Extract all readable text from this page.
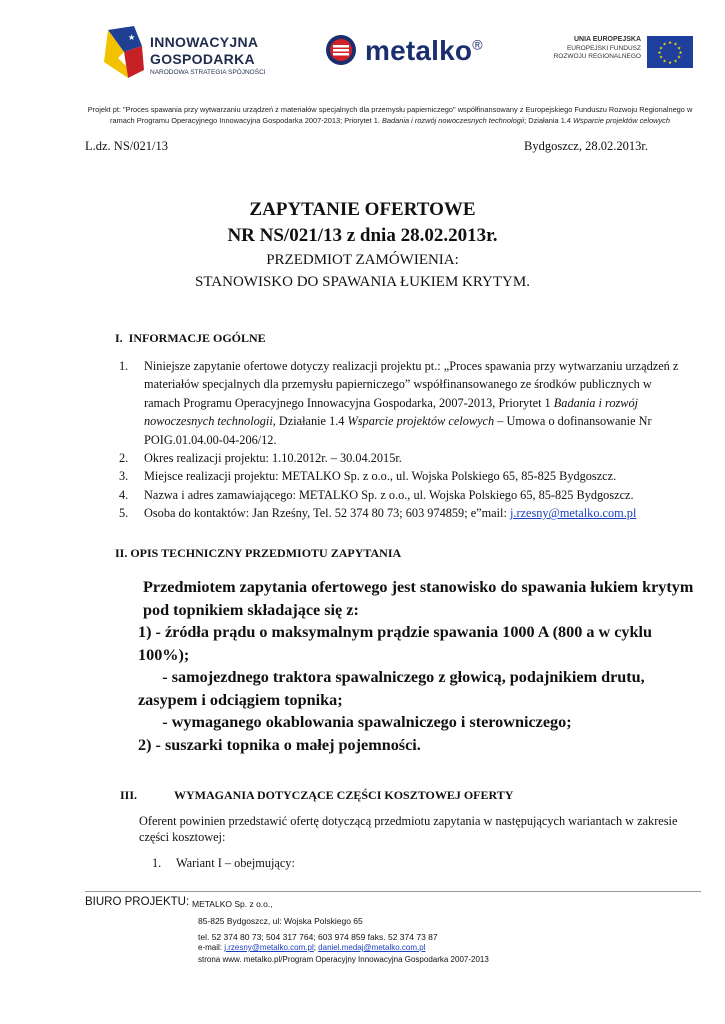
★ INNOWACYJNA
GOSPODARKA
NARODOWA STRATEGIA SPÓJNOŚCI
metalko®	UNIA EUROPEJSKA
EUROPEJSKI FUNDUSZ
ROZWOJU REGIONALNEGO
★ ★
★
★
★
★
★
★
★
★
★
★
Projekt pt: "Proces spawania przy wytwarzaniu urządzeń z materiałów specjalnych dla przemysłu papierniczego" współfinansowany z Europejskiego Funduszu Rozwoju Regionalnego w ramach Programu Operacyjnego Innowacyjna Gospodarka 2007-2013; Priorytet 1. Badania i rozwój nowoczesnych technologii; Działania 1.4 Wsparcie projektów celowych
L.dz. NS/021/13	Bydgoszcz, 28.02.2013r.
ZAPYTANIE OFERTOWE
NR NS/021/13 z dnia 28.02.2013r.
PRZEDMIOT ZAMÓWIENIA:
STANOWISKO DO SPAWANIA ŁUKIEM KRYTYM.
I. INFORMACJE OGÓLNE
1. Niniejsze zapytanie ofertowe dotyczy realizacji projektu pt.: „Proces spawania przy wytwarzaniu urządzeń z materiałów specjalnych dla przemysłu papierniczego” współfinansowanego ze środków publicznych w ramach Programu Operacyjnego Innowacyjna Gospodarka, 2007-2013, Priorytet 1 Badania i rozwój nowoczesnych technologii, Działanie 1.4 Wsparcie projektów celowych – Umowa o dofinansowanie Nr POIG.01.04.00-04-206/12.
2. Okres realizacji projektu: 1.10.2012r. – 30.04.2015r.
3. Miejsce realizacji projektu: METALKO Sp. z o.o., ul. Wojska Polskiego 65, 85-825 Bydgoszcz.
4. Nazwa i adres zamawiającego: METALKO Sp. z o.o., ul. Wojska Polskiego 65, 85-825 Bydgoszcz.
5. Osoba do kontaktów: Jan Rześny, Tel. 52 374 80 73; 603 974859; e”mail: j.rzesny@metalko.com.pl
II. OPIS TECHNICZNY PRZEDMIOTU ZAPYTANIA
Przedmiotem zapytania ofertowego jest stanowisko do spawania łukiem krytym pod topnikiem składające się z:
1) - źródła prądu o maksymalnym prądzie spawania 1000 A (800 a w cyklu 100%);
- samojezdnego traktora spawalniczego z głowicą, podajnikiem drutu, zasypem i odciągiem topnika;
- wymaganego okablowania spawalniczego i sterowniczego;
2) - suszarki topnika o małej pojemności.
III.	WYMAGANIA DOTYCZĄCE CZĘŚCI KOSZTOWEJ OFERTY
Oferent powinien przedstawić ofertę dotyczącą przedmiotu zapytania w następujących wariantach w zakresie części kosztowej:
1. Wariant I – obejmujący:
BIURO PROJEKTU: METALKO Sp. z o.o.,
85-825 Bydgoszcz, ul: Wojska Polskiego 65
tel. 52 374 80 73; 504 317 764; 603 974 859 faks. 52 374 73 87
e-mail: j.rzesny@metalko.com.pl; daniel.medaj@metalko.com.pl
strona www. metalko.pl/Program Operacyjny Innowacyjna Gospodarka 2007-2013
